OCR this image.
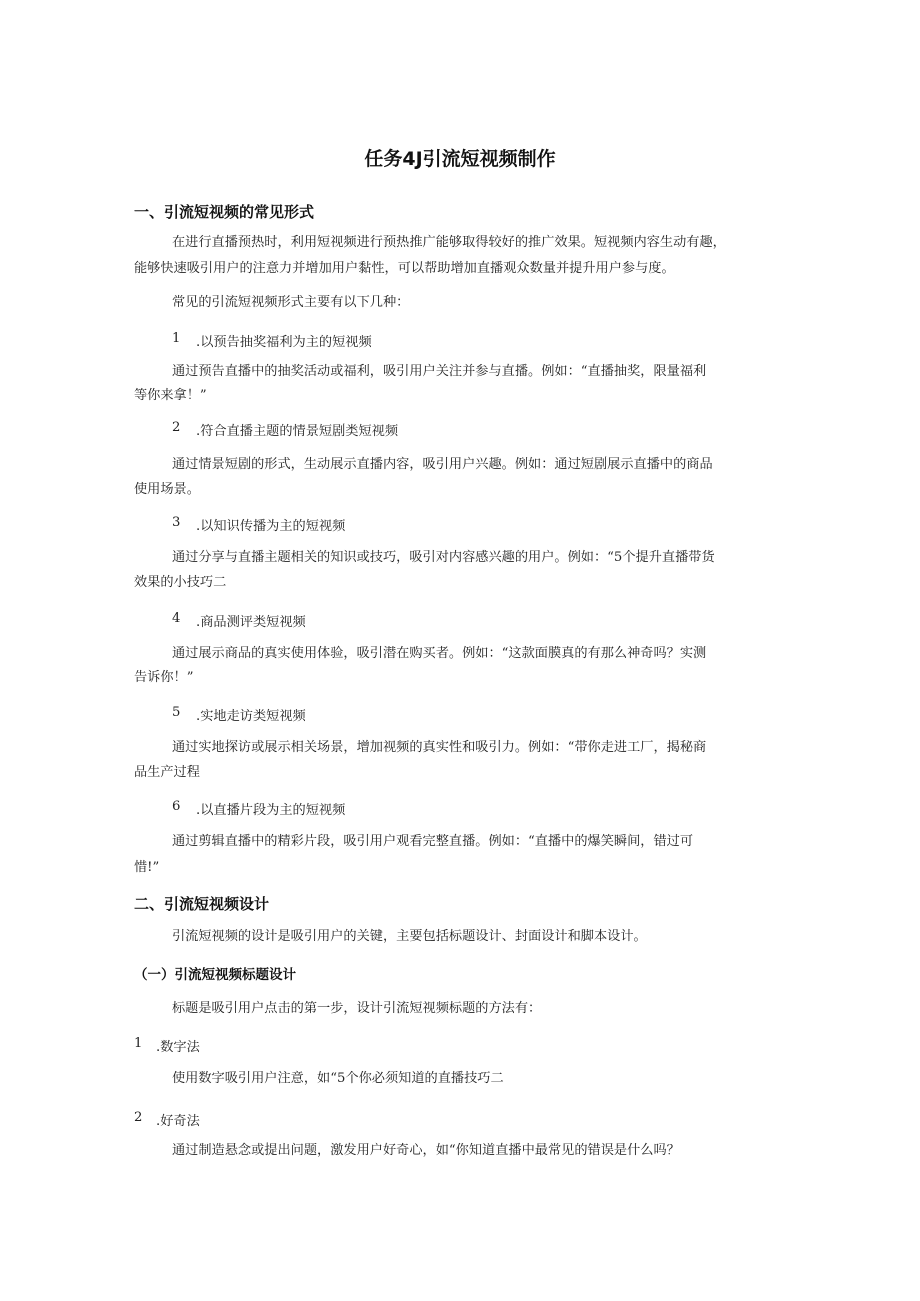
任务4J引流短视频制作
一、引流短视频的常见形式
在进行直播预热时，利用短视频进行预热推广能够取得较好的推广效果。短视频内容生动有趣，
能够快速吸引用户的注意力并增加用户黏性，可以帮助增加直播观众数量并提升用户参与度。
常见的引流短视频形式主要有以下几种：
1 .以预告抽奖福利为主的短视频
通过预告直播中的抽奖活动或福利，吸引用户关注并参与直播。例如：“直播抽奖，限量福利
等你来拿！”
2 .符合直播主题的情景短剧类短视频
通过情景短剧的形式，生动展示直播内容，吸引用户兴趣。例如：通过短剧展示直播中的商品
使用场景。
3 .以知识传播为主的短视频
通过分享与直播主题相关的知识或技巧，吸引对内容感兴趣的用户。例如：“5个提升直播带货
效果的小技巧二
4 .商品测评类短视频
通过展示商品的真实使用体验，吸引潜在购买者。例如：“这款面膜真的有那么神奇吗？实测
告诉你！”
5 .实地走访类短视频
通过实地探访或展示相关场景，增加视频的真实性和吸引力。例如：“带你走进工厂，揭秘商
品生产过程
6 .以直播片段为主的短视频
通过剪辑直播中的精彩片段，吸引用户观看完整直播。例如：“直播中的爆笑瞬间，错过可
惜!”
二、引流短视频设计
引流短视频的设计是吸引用户的关键，主要包括标题设计、封面设计和脚本设计。
（一）引流短视频标题设计
标题是吸引用户点击的第一步，设计引流短视频标题的方法有：
1 .数字法
使用数字吸引用户注意，如“5个你必须知道的直播技巧二
2 .好奇法
通过制造悬念或提出问题，激发用户好奇心，如“你知道直播中最常见的错误是什么吗？
